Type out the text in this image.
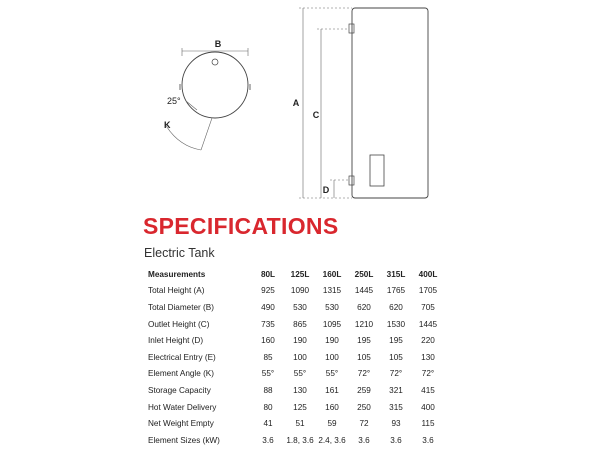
B
25°
K
A
C
D
SPECIFICATIONS
Electric Tank
Measurements	80L	125L	160L	250L	315L	400L
Total Height (A)	925	1090	1315	1445	1765	1705
Total Diameter (B)	490	530	530	620	620	705
Outlet Height (C)	735	865	1095	1210	1530	1445
Inlet Height (D)	160	190	190	195	195	220
Electrical Entry (E)	85	100	100	105	105	130
Element Angle (K)	55°	55°	55°	72°	72°	72°
Storage Capacity	88	130	161	259	321	415
Hot Water Delivery	80	125	160	250	315	400
Net Weight Empty	41	51	59	72	93	115
Element Sizes (kW)	3.6	1.8, 3.6	2.4, 3.6	3.6	3.6	3.6
